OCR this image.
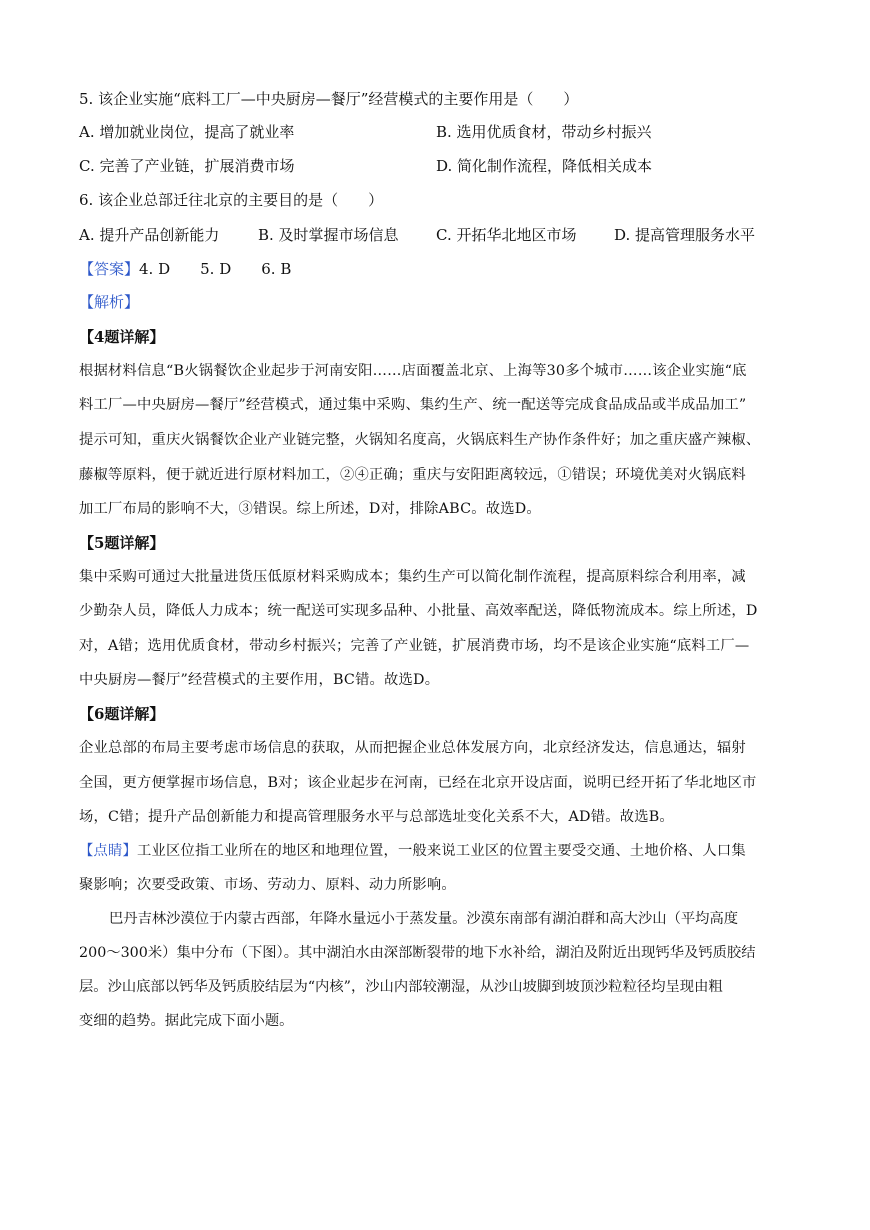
5. 该企业实施“底料工厂—中央厨房—餐厅”经营模式的主要作用是（　　）
A. 增加就业岗位，提高了就业率	B. 选用优质食材，带动乡村振兴
C. 完善了产业链，扩展消费市场	D. 简化制作流程，降低相关成本
6. 该企业总部迁往北京的主要目的是（　　）
A. 提升产品创新能力	B. 及时掌握市场信息 C. 开拓华北地区市场	D. 提高管理服务水平
【答案】4. D 5. D 6. B
【解析】
【4题详解】
根据材料信息“B火锅餐饮企业起步于河南安阳……店面覆盖北京、上海等30多个城市……该企业实施“底
料工厂—中央厨房—餐厅”经营模式，通过集中采购、集约生产、统一配送等完成食品成品或半成品加工”
提示可知，重庆火锅餐饮企业产业链完整，火锅知名度高，火锅底料生产协作条件好；加之重庆盛产辣椒、
藤椒等原料，便于就近进行原材料加工，②④正确；重庆与安阳距离较远，①错误；环境优美对火锅底料
加工厂布局的影响不大，③错误。综上所述，D对，排除ABC。故选D。
【5题详解】
集中采购可通过大批量进货压低原材料采购成本；集约生产可以简化制作流程，提高原料综合利用率，减
少勤杂人员，降低人力成本；统一配送可实现多品种、小批量、高效率配送，降低物流成本。综上所述，D
对，A错；选用优质食材，带动乡村振兴；完善了产业链，扩展消费市场，均不是该企业实施“底料工厂—
中央厨房—餐厅”经营模式的主要作用，BC错。故选D。
【6题详解】
企业总部的布局主要考虑市场信息的获取，从而把握企业总体发展方向，北京经济发达，信息通达，辐射
全国，更方便掌握市场信息，B对；该企业起步在河南，已经在北京开设店面，说明已经开拓了华北地区市
场，C错；提升产品创新能力和提高管理服务水平与总部选址变化关系不大，AD错。故选B。
【点睛】工业区位指工业所在的地区和地理位置，一般来说工业区的位置主要受交通、土地价格、人口集
聚影响；次要受政策、市场、劳动力、原料、动力所影响。
巴丹吉林沙漠位于内蒙古西部，年降水量远小于蒸发量。沙漠东南部有湖泊群和高大沙山（平均高度
200～300米）集中分布（下图）。其中湖泊水由深部断裂带的地下水补给，湖泊及附近出现钙华及钙质胶结
层。沙山底部以钙华及钙质胶结层为“内核”，沙山内部较潮湿，从沙山坡脚到坡顶沙粒粒径均呈现由粗
变细的趋势。据此完成下面小题。
